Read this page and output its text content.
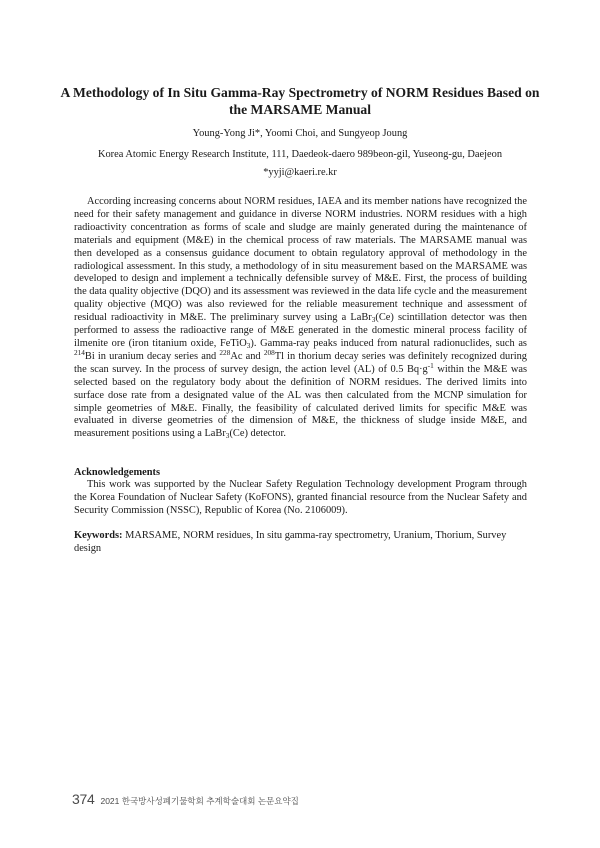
A Methodology of In Situ Gamma-Ray Spectrometry of NORM Residues Based on the MARSAME Manual
Young-Yong Ji*, Yoomi Choi, and Sungyeop Joung
Korea Atomic Energy Research Institute, 111, Daedeok-daero 989beon-gil, Yuseong-gu, Daejeon
*yyji@kaeri.re.kr

According increasing concerns about NORM residues, IAEA and its member nations have recognized the need for their safety management and guidance in diverse NORM industries. NORM residues with a high radioactivity concentration as forms of scale and sludge are mainly generated during the maintenance of materials and equipment (M&E) in the chemical process of raw materials. The MARSAME manual was then developed as a consensus guidance document to obtain regulatory approval of methodology in the radiological assessment. In this study, a methodology of in situ measurement based on the MARSAME was developed to design and implement a technically defensible survey of M&E. First, the process of building the data quality objective (DQO) and its assessment was reviewed in the data life cycle and the measurement quality objective (MQO) was also reviewed for the reliable measurement technique and assessment of residual radioactivity in M&E. The preliminary survey using a LaBr$_3$(Ce) scintillation detector was then performed to assess the radioactive range of M&E generated in the domestic mineral process facility of ilmenite ore (iron titanium oxide, FeTiO$_3$). Gamma-ray peaks induced from natural radionuclides, such as $^{214}$Bi in uranium decay series and $^{228}$Ac and $^{208}$Tl in thorium decay series was definitely recognized during the scan survey. In the process of survey design, the action level (AL) of 0.5 $Bq\cdot g^{-1}$ within the M&E was selected based on the regulatory body about the definition of NORM residues. The derived limits into surface dose rate from a designated value of the AL was then calculated from the MCNP simulation for simple geometries of M&E. Finally, the feasibility of calculated derived limits for specific M&E was evaluated in diverse geometries of the dimension of M&E, the thickness of sludge inside M&E, and measurement positions using a LaBr$_3$(Ce) detector.

Acknowledgements

This work was supported by the Nuclear Safety Regulation Technology development Program through the Korea Foundation of Nuclear Safety (KoFONS), granted financial resource from the Nuclear Safety and Security Commission (NSSC), Republic of Korea (No. 2106009).

Keywords: MARSAME, NORM residues, In situ gamma-ray spectrometry, Uranium, Thorium, Survey design

374 2021 한국방사성폐기물학회 추계학술대회 논문요약집
